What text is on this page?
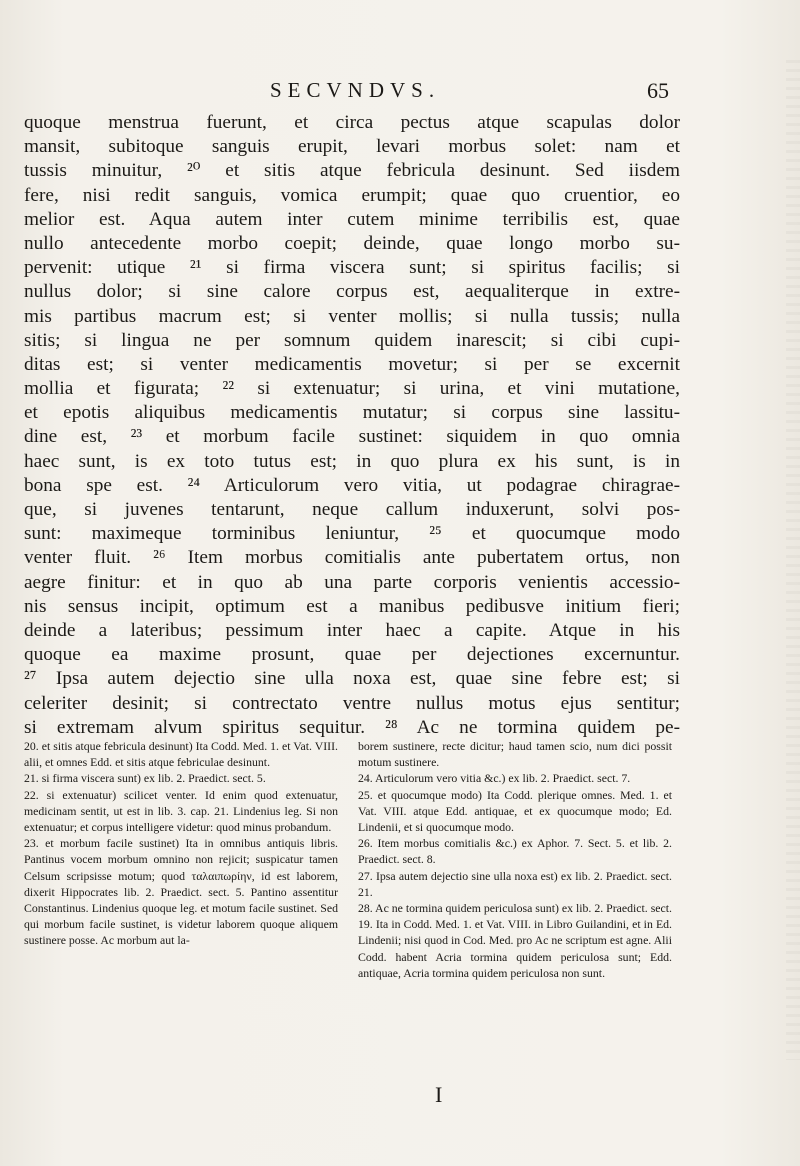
SECVNDVS.	65
quoque menstrua fuerunt, et circa pectus atque scapulas dolor
mansit, subitoque sanguis erupit, levari morbus solet: nam et
tussis minuitur, ²⁰ et sitis atque febricula desinunt. Sed iisdem
fere, nisi redit sanguis, vomica erumpit; quae quo cruentior, eo
melior est. Aqua autem inter cutem minime terribilis est, quae
nullo antecedente morbo coepit; deinde, quae longo morbo su-
pervenit: utique ²¹ si firma viscera sunt; si spiritus facilis; si
nullus dolor; si sine calore corpus est, aequaliterque in extre-
mis partibus macrum est; si venter mollis; si nulla tussis; nulla
sitis; si lingua ne per somnum quidem inarescit; si cibi cupi-
ditas est; si venter medicamentis movetur; si per se excernit
mollia et figurata; ²² si extenuatur; si urina, et vini mutatione,
et epotis aliquibus medicamentis mutatur; si corpus sine lassitu-
dine est, ²³ et morbum facile sustinet: siquidem in quo omnia
haec sunt, is ex toto tutus est; in quo plura ex his sunt, is in
bona spe est. ²⁴ Articulorum vero vitia, ut podagrae chiragrae-
que, si juvenes tentarunt, neque callum induxerunt, solvi pos-
sunt: maximeque torminibus leniuntur, ²⁵ et quocumque modo
venter fluit. ²⁶ Item morbus comitialis ante pubertatem ortus, non
aegre finitur: et in quo ab una parte corporis venientis accessio-
nis sensus incipit, optimum est a manibus pedibusve initium fieri;
deinde a lateribus; pessimum inter haec a capite. Atque in his
quoque ea maxime prosunt, quae per dejectiones excernuntur.
²⁷ Ipsa autem dejectio sine ulla noxa est, quae sine febre est; si
celeriter desinit; si contrectato ventre nullus motus ejus sentitur;
si extremam alvum spiritus sequitur. ²⁸ Ac ne tormina quidem pe-
20. et sitis atque febricula desinunt) Ita Codd. Med. 1. et Vat. VIII. alii, et omnes Edd. et sitis atque febriculae desinunt.
21. si firma viscera sunt) ex lib. 2. Praedict. sect. 5.
22. si extenuatur) scilicet venter. Id enim quod extenuatur, medicinam sentit, ut est in lib. 3. cap. 21. Lindenius leg. Si non extenuatur; et corpus intelligere videtur: quod minus probandum.
23. et morbum facile sustinet) Ita in omnibus antiquis libris. Pantinus vocem morbum omnino non rejicit; suspicatur tamen Celsum scripsisse motum; quod ταλαιπωρίην, id est laborem, dixerit Hippocrates lib. 2. Praedict. sect. 5. Pantino assentitur Constantinus. Lindenius quoque leg. et motum facile sustinet. Sed qui morbum facile sustinet, is videtur laborem quoque aliquem sustinere posse. Ac morbum aut la-
borem sustinere, recte dicitur; haud tamen scio, num dici possit motum sustinere.
24. Articulorum vero vitia &c.) ex lib. 2. Praedict. sect. 7.
25. et quocumque modo) Ita Codd. plerique omnes. Med. 1. et Vat. VIII. atque Edd. antiquae, et ex quocumque modo; Ed. Lindenii, et si quocumque modo.
26. Item morbus comitialis &c.) ex Aphor. 7. Sect. 5. et lib. 2. Praedict. sect. 8.
27. Ipsa autem dejectio sine ulla noxa est) ex lib. 2. Praedict. sect. 21.
28. Ac ne tormina quidem periculosa sunt) ex lib. 2. Praedict. sect. 19. Ita in Codd. Med. 1. et Vat. VIII. in Libro Guilandini, et in Ed. Lindenii; nisi quod in Cod. Med. pro Ac ne scriptum est agne. Alii Codd. habent Acria tormina quidem periculosa sunt; Edd. antiquae, Acria tormina quidem periculosa non sunt.
I
